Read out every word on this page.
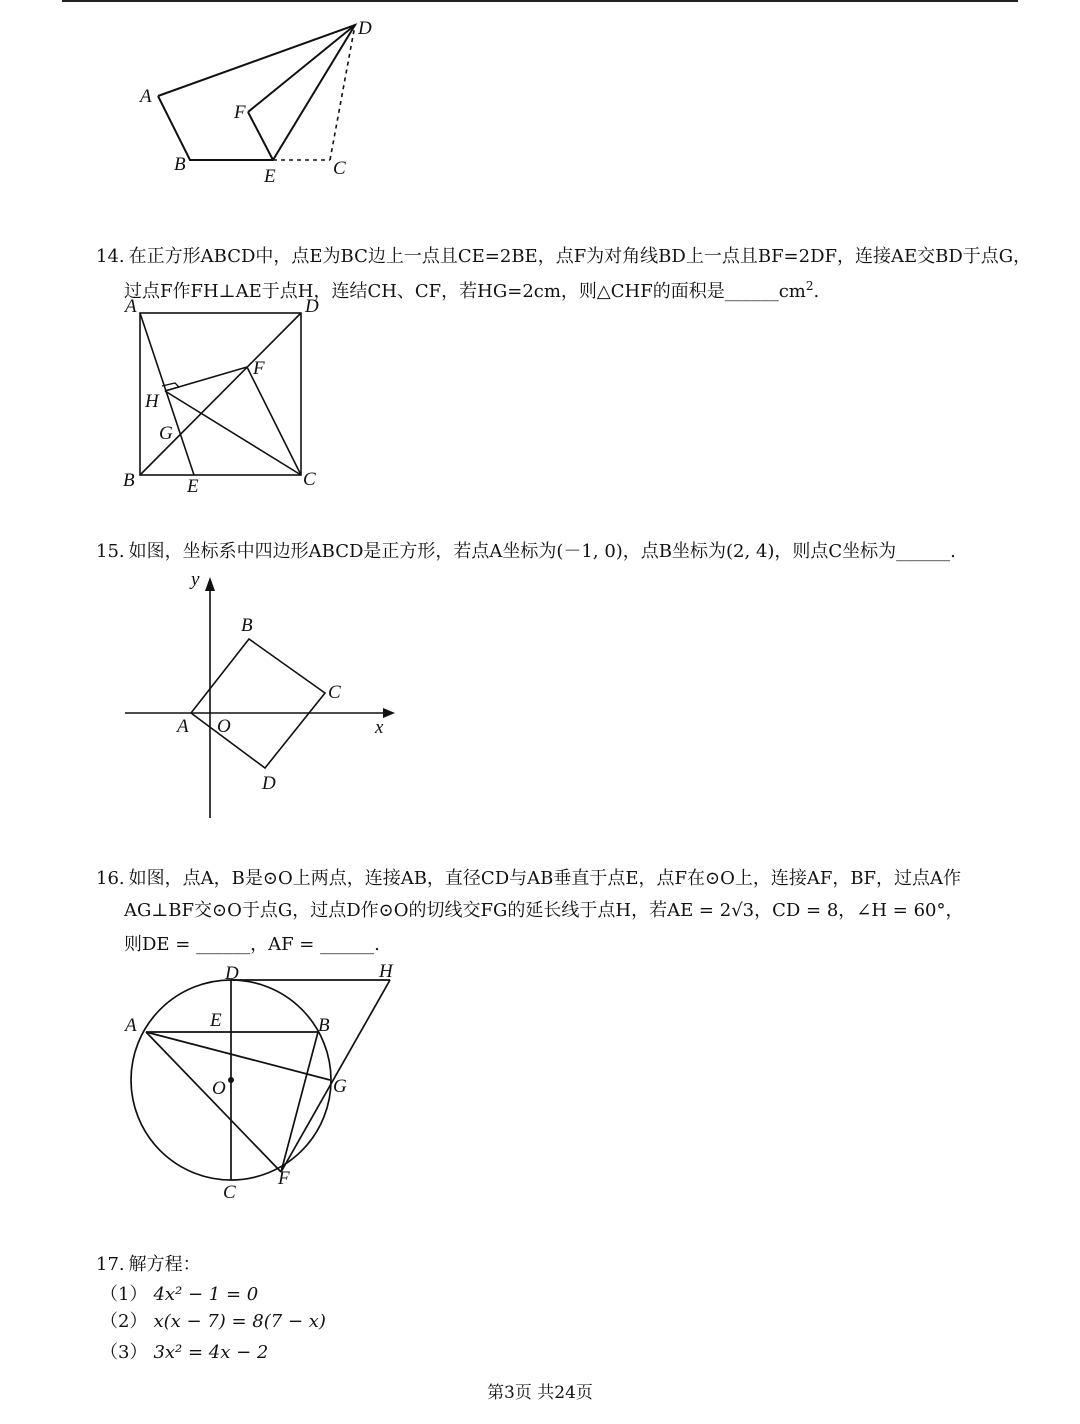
A
B	C
D
E
F
14. 在正方形ABCD中，点E为BC边上一点且CE=2BE，点F为对角线BD上一点且BF=2DF，连接AE交BD于点G，
过点F作FH⊥AE于点H，连结CH、CF，若HG=2cm，则△CHF的面积是$\_\_\_\_\_\_cm^2$.
A	D
F
H
G
B	E	C
15. 如图，坐标系中四边形ABCD是正方形，若点A坐标为(－1, 0)，点B坐标为(2, 4)，则点C坐标为______.
y
B
C
A O	x
D
16. 如图，点A，B是⊙O上两点，连接AB，直径CD与AB垂直于点E，点F在⊙O上，连接AF，BF，过点A作
AG⊥BF交⊙O于点G，过点D作⊙O的切线交FG的延长线于点H，若AE = 2√3，CD = 8，∠H = 60°，
则DE = ______，AF = ______.
D	H
A	E	B
O	G
F
C
17. 解方程：
（1） 4x² − 1 = 0
（2） x(x − 7) = 8(7 − x)
（3） 3x² = 4x − 2
第3页 共24页
